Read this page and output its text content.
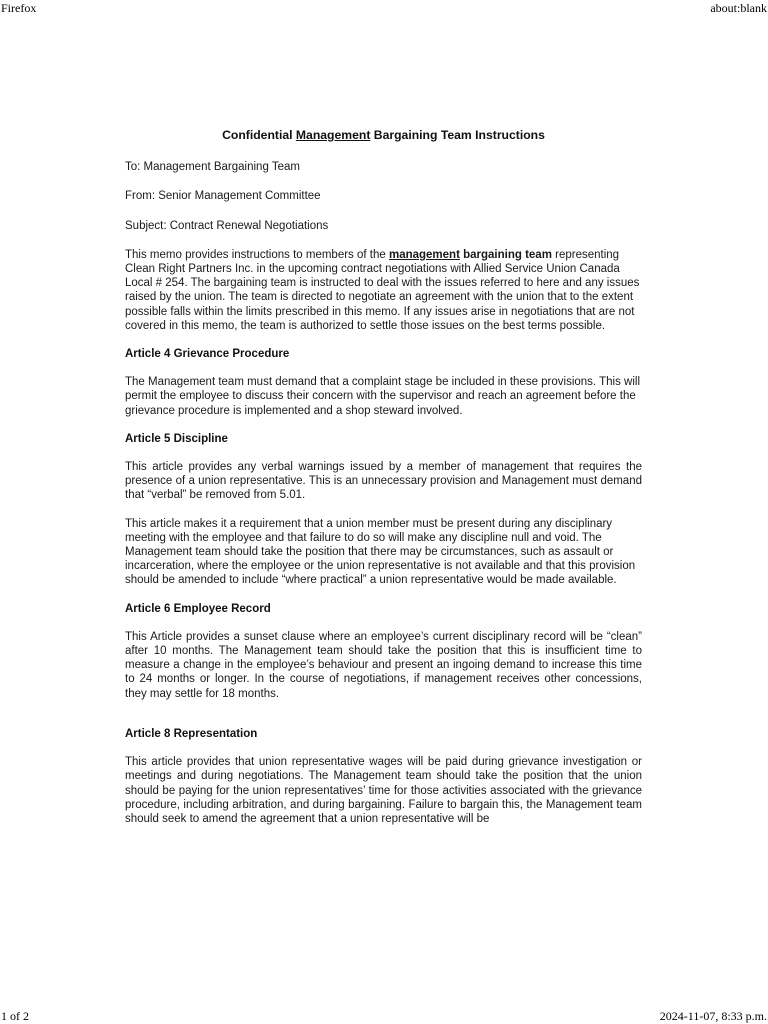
Firefox	about:blank
Confidential Management Bargaining Team Instructions
To: Management Bargaining Team
From: Senior Management Committee
Subject: Contract Renewal Negotiations
This memo provides instructions to members of the management bargaining team representing Clean Right Partners Inc. in the upcoming contract negotiations with Allied Service Union Canada Local # 254. The bargaining team is instructed to deal with the issues referred to here and any issues raised by the union. The team is directed to negotiate an agreement with the union that to the extent possible falls within the limits prescribed in this memo. If any issues arise in negotiations that are not covered in this memo, the team is authorized to settle those issues on the best terms possible.
Article 4 Grievance Procedure
The Management team must demand that a complaint stage be included in these provisions. This will permit the employee to discuss their concern with the supervisor and reach an agreement before the grievance procedure is implemented and a shop steward involved.
Article 5 Discipline
This article provides any verbal warnings issued by a member of management that requires the presence of a union representative. This is an unnecessary provision and Management must demand that “verbal” be removed from 5.01.
This article makes it a requirement that a union member must be present during any disciplinary meeting with the employee and that failure to do so will make any discipline null and void. The Management team should take the position that there may be circumstances, such as assault or incarceration, where the employee or the union representative is not available and that this provision should be amended to include “where practical” a union representative would be made available.
Article 6 Employee Record
This Article provides a sunset clause where an employee’s current disciplinary record will be “clean” after 10 months. The Management team should take the position that this is insufficient time to measure a change in the employee’s behaviour and present an ingoing demand to increase this time to 24 months or longer. In the course of negotiations, if management receives other concessions, they may settle for 18 months.
Article 8 Representation
This article provides that union representative wages will be paid during grievance investigation or meetings and during negotiations. The Management team should take the position that the union should be paying for the union representatives’ time for those activities associated with the grievance procedure, including arbitration, and during bargaining. Failure to bargain this, the Management team should seek to amend the agreement that a union representative will be
1 of 2	2024-11-07, 8:33 p.m.
